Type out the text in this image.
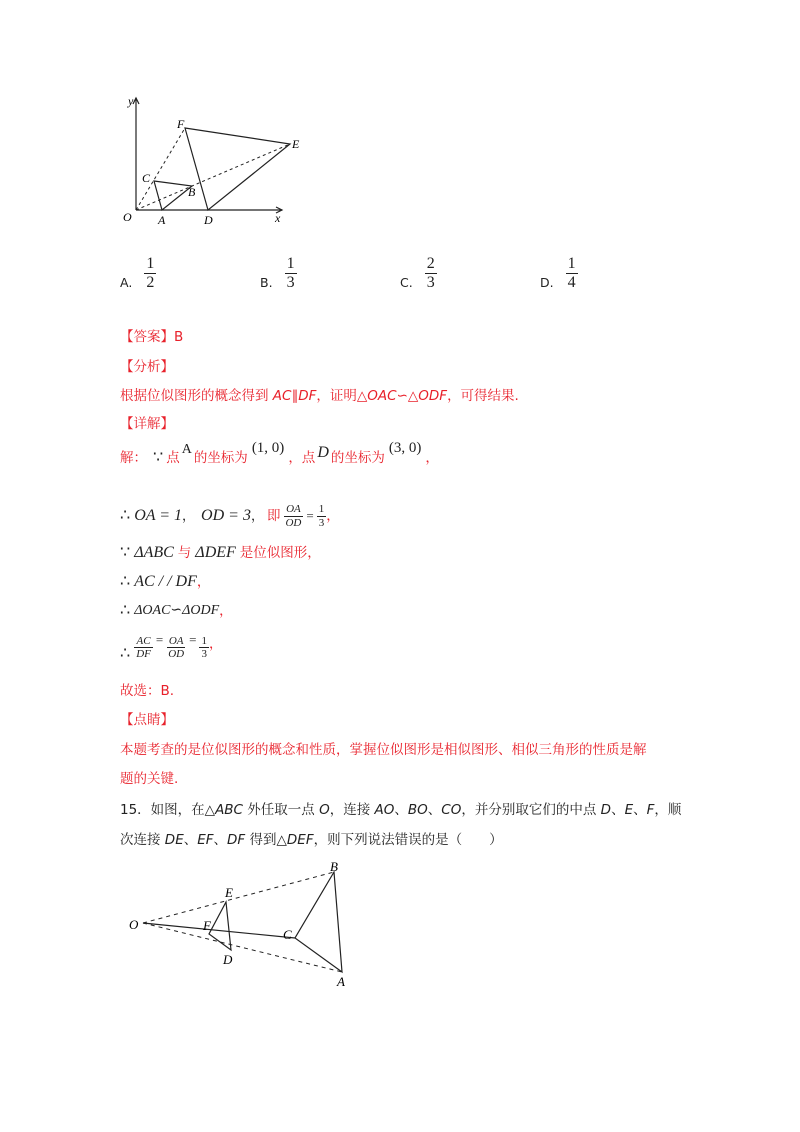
y
x
O
F
E
C
B
A	D
A. $\frac{1}{2}$	B. $\frac{1}{3}$	C. $\frac{2}{3}$	D. $\frac{1}{4}$
【答案】B
【分析】
根据位似图形的概念得到 AC∥DF，证明△OAC∽△ODF，可得结果.
【详解】
解： ∵ 点
A
的坐标为
(1, 0)
，点 D 的坐标为
(3, 0)
，
∴ OA = 1 ， OD = 3 ， 即 $\frac{OA}{OD} = \frac{1}{3}$ ，
∵ ΔABC 与 ΔDEF 是位似图形，
∴ AC / / DF ，
∴ ΔOAC∽ΔODF ，
∴ $\frac{AC}{DF} = \frac{OA}{OD} = \frac{1}{3}$ ，
故选：B.
【点睛】
本题考查的是位似图形的概念和性质，掌握位似图形是相似图形、相似三角形的性质是解
题的关键.
15．如图，在△ABC 外任取一点 O，连接 AO、BO、CO，并分别取它们的中点 D、E、F，顺
次连接 DE、EF、DF 得到△DEF，则下列说法错误的是（　　）
O
E
F
D
C
B
A
